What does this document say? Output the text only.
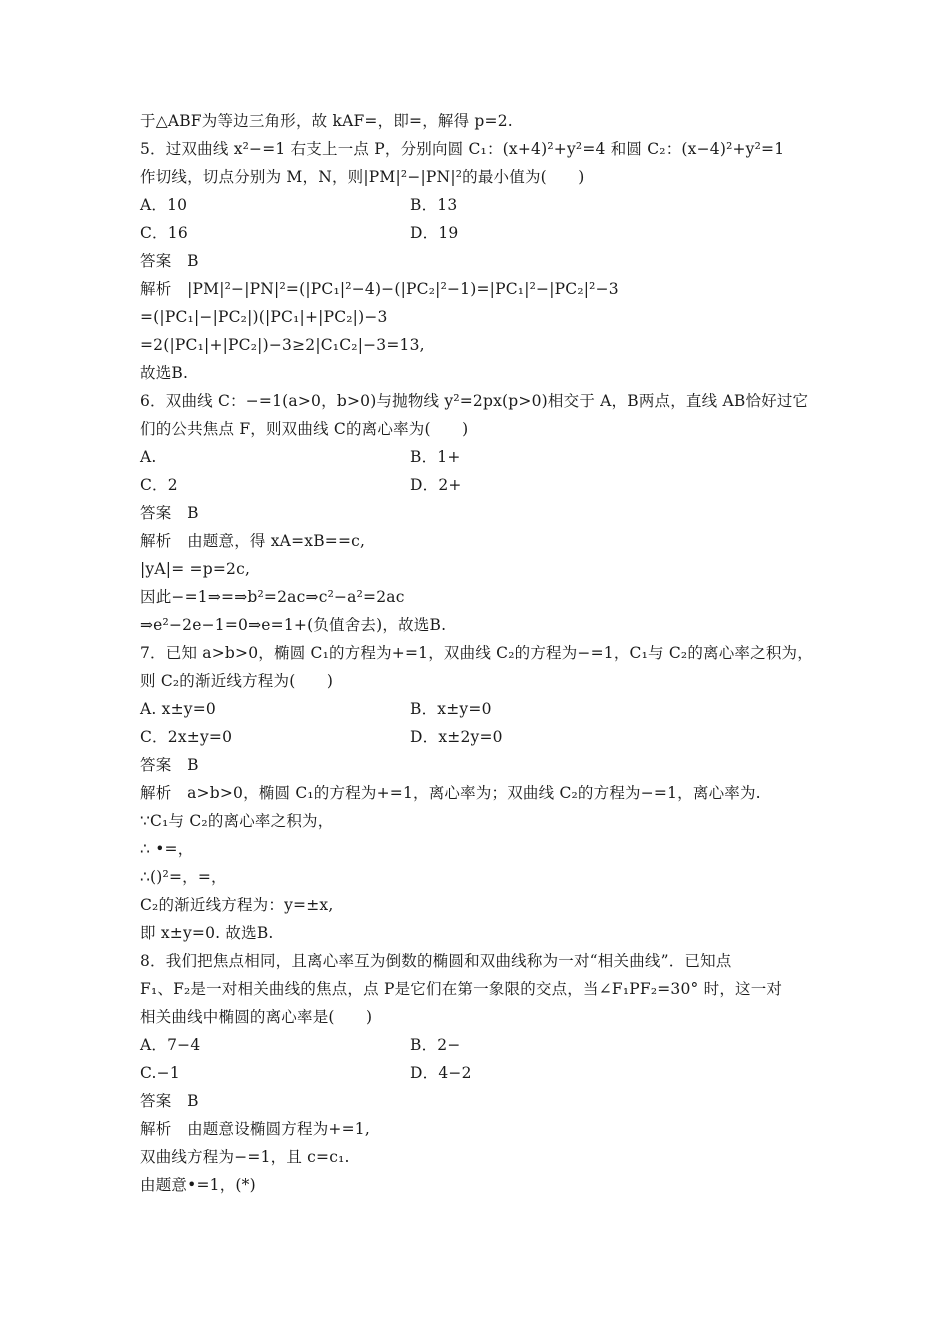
于△ABF为等边三角形，故 kAF=，即=，解得 p=2.
5．过双曲线 x²−=1 右支上一点 P，分别向圆 C₁：(x+4)²+y²=4 和圆 C₂：(x−4)²+y²=1
作切线，切点分别为 M，N，则|PM|²−|PN|²的最小值为(　　)
A．10	B．13
C．16	D．19
答案　B
解析　|PM|²−|PN|²=(|PC₁|²−4)−(|PC₂|²−1)=|PC₁|²−|PC₂|²−3
=(|PC₁|−|PC₂|)(|PC₁|+|PC₂|)−3
=2(|PC₁|+|PC₂|)−3≥2|C₁C₂|−3=13,
故选B.
6．双曲线 C：−=1(a>0，b>0)与抛物线 y²=2px(p>0)相交于 A，B两点，直线 AB恰好过它
们的公共焦点 F，则双曲线 C的离心率为(　　)
A.	B．1+
C．2	D．2+
答案　B
解析　由题意，得 xA=xB==c,
|yA|= =p=2c,
因此−=1⇒=⇒b²=2ac⇒c²−a²=2ac
⇒e²−2e−1=0⇒e=1+(负值舍去)，故选B.
7．已知 a>b>0，椭圆 C₁的方程为+=1，双曲线 C₂的方程为−=1，C₁与 C₂的离心率之积为，
则 C₂的渐近线方程为(　　)
A. x±y=0	B．x±y=0
C．2x±y=0	D．x±2y=0
答案　B
解析　a>b>0，椭圆 C₁的方程为+=1，离心率为；双曲线 C₂的方程为−=1，离心率为.
∵C₁与 C₂的离心率之积为，
∴ •=，
∴()²=，=，
C₂的渐近线方程为：y=±x,
即 x±y=0. 故选B.
8．我们把焦点相同，且离心率互为倒数的椭圆和双曲线称为一对“相关曲线”．已知点
F₁、F₂是一对相关曲线的焦点，点 P是它们在第一象限的交点，当∠F₁PF₂=30° 时，这一对
相关曲线中椭圆的离心率是(　　)
A．7−4	B．2−
C.−1	D．4−2
答案　B
解析　由题意设椭圆方程为+=1,
双曲线方程为−=1，且 c=c₁.
由题意•=1，(*)
